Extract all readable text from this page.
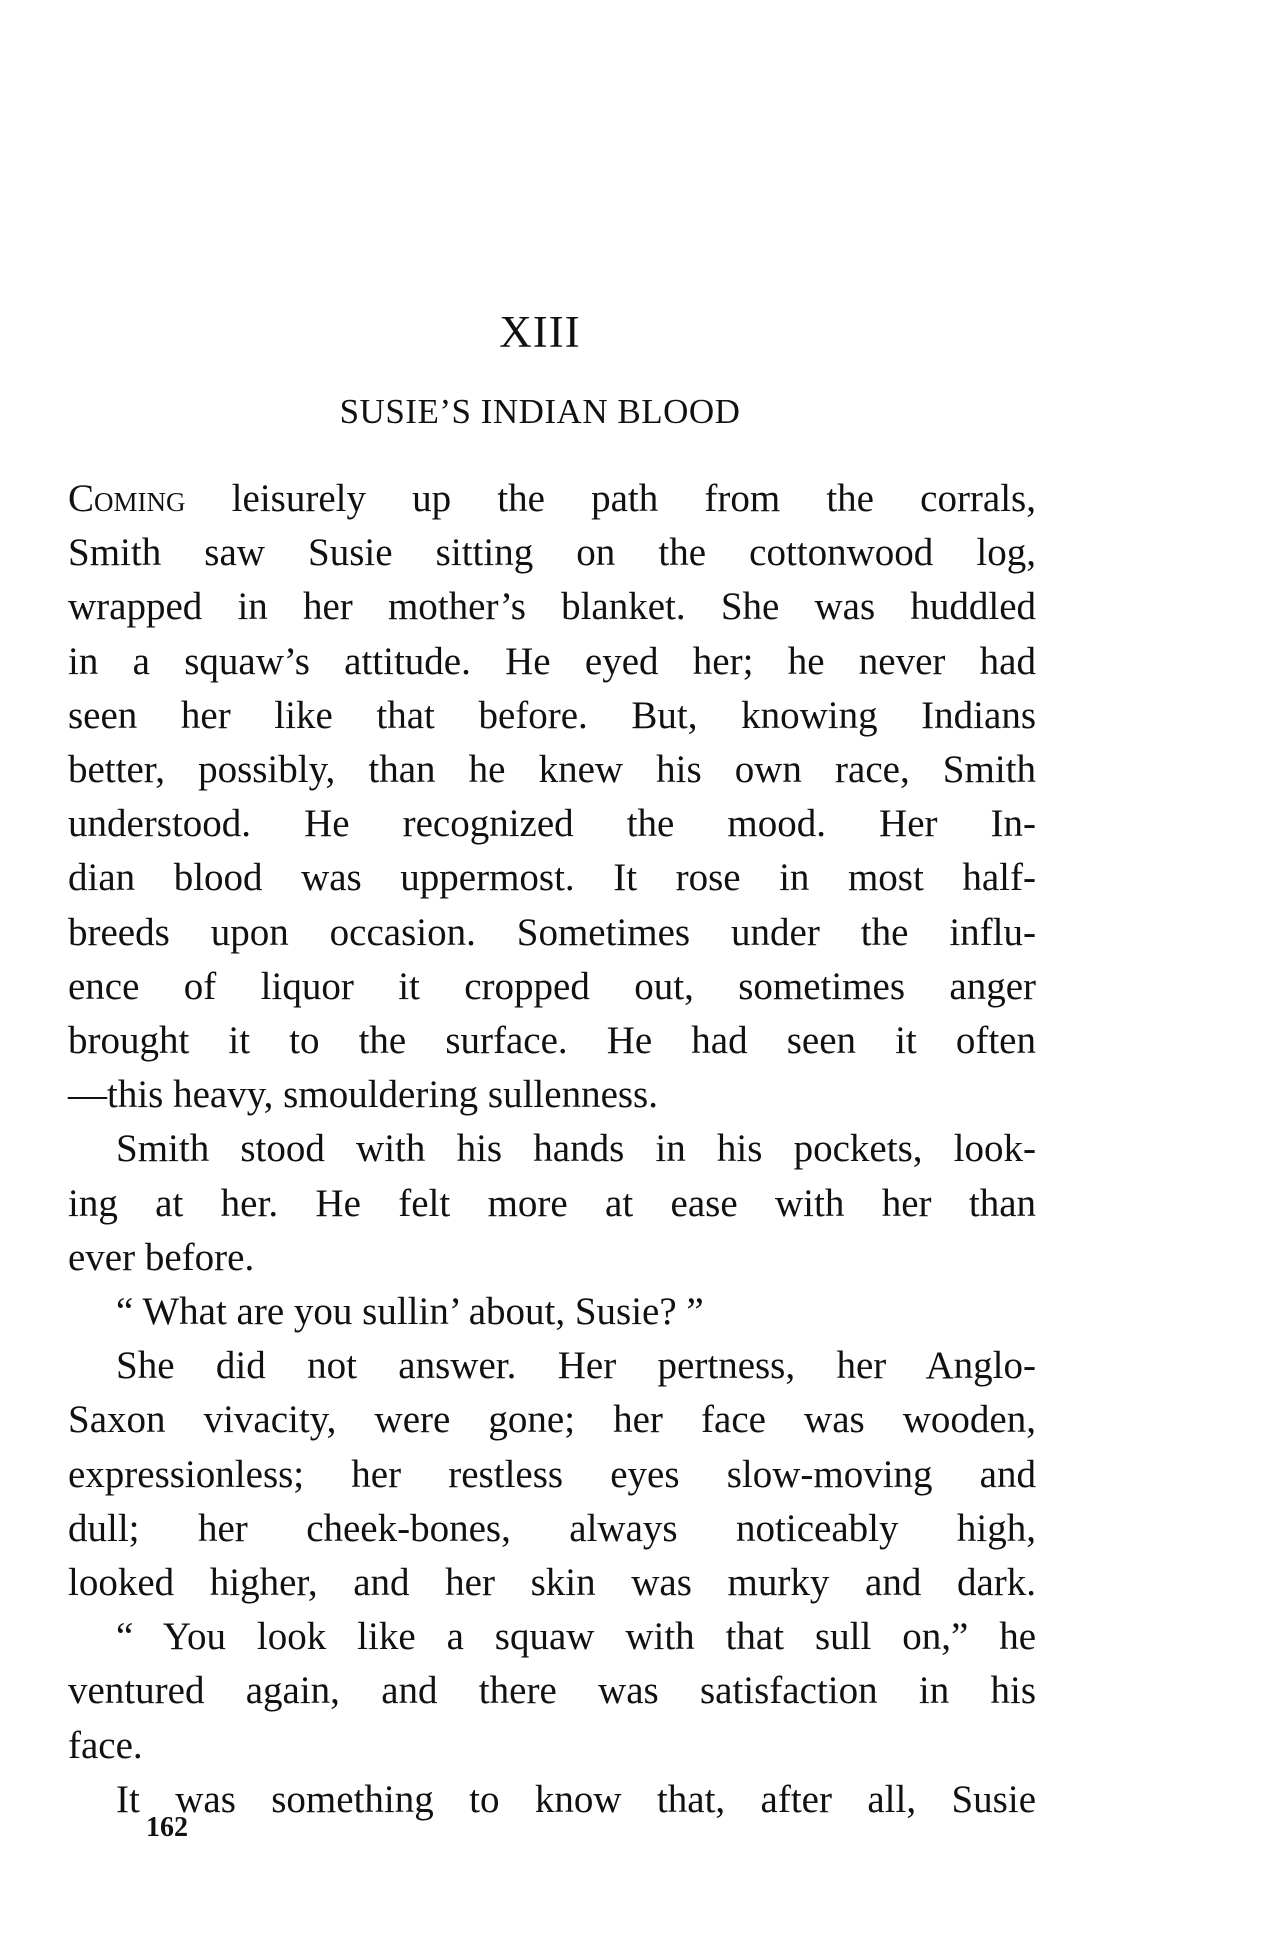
XIII
SUSIE’S INDIAN BLOOD
Coming leisurely up the path from the corrals,
Smith saw Susie sitting on the cottonwood log,
wrapped in her mother’s blanket. She was huddled
in a squaw’s attitude. He eyed her; he never had
seen her like that before. But, knowing Indians
better, possibly, than he knew his own race, Smith
understood. He recognized the mood. Her In-
dian blood was uppermost. It rose in most half-
breeds upon occasion. Sometimes under the influ-
ence of liquor it cropped out, sometimes anger
brought it to the surface. He had seen it often
—this heavy, smouldering sullenness.
Smith stood with his hands in his pockets, look-
ing at her. He felt more at ease with her than
ever before.
“ What are you sullin’ about, Susie? ”
She did not answer. Her pertness, her Anglo-
Saxon vivacity, were gone; her face was wooden,
expressionless; her restless eyes slow-moving and
dull; her cheek-bones, always noticeably high,
looked higher, and her skin was murky and dark.
“ You look like a squaw with that sull on,” he
ventured again, and there was satisfaction in his
face.
It was something to know that, after all, Susie
162
